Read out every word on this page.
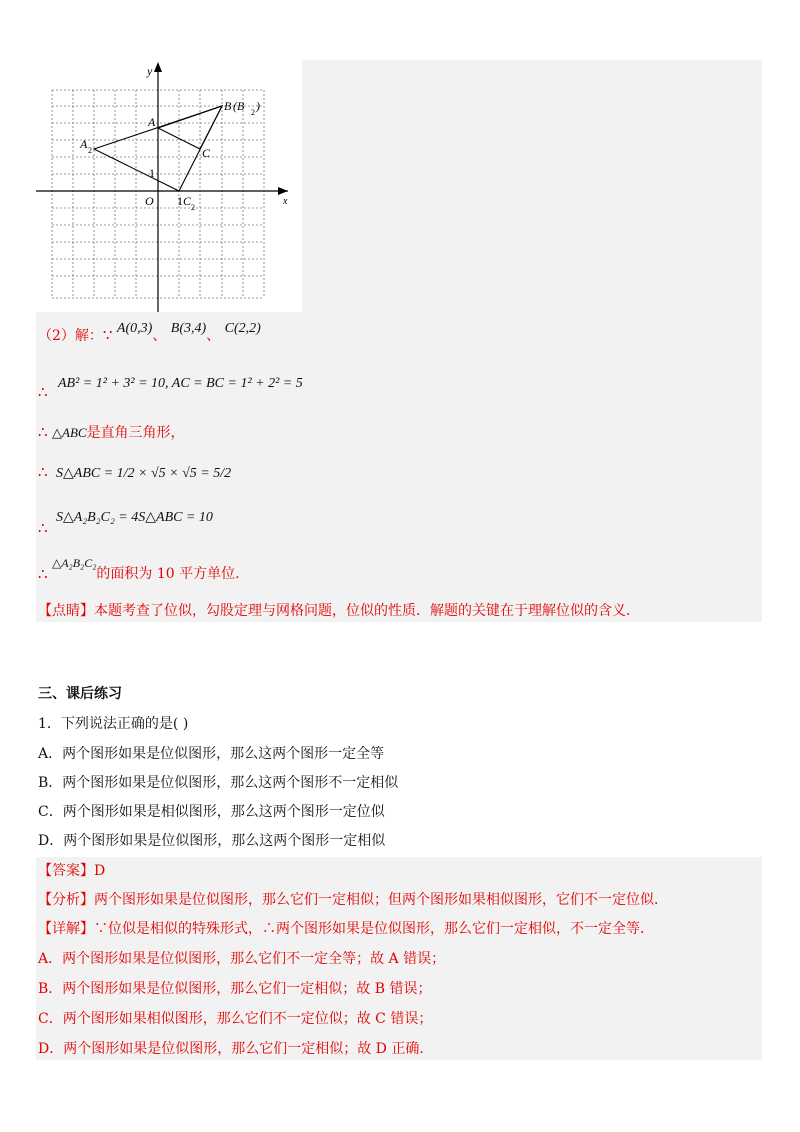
y
x
O 1
1
A
A 2
B (B 2 )
C
C 2
（2）解：∵ A(0,3)、 B(3,4)、 C(2,2)
∴ AB² = 1² + 3² = 10, AC = BC = 1² + 2² = 5
∴ △ABC是直角三角形，
∴ S△ABC = 1/2 × √5 × √5 = 5/2
∴ S△A₂B₂C₂ = 4S△ABC = 10
∴ △A₂B₂C₂的面积为 10 平方单位.
【点睛】本题考查了位似，勾股定理与网格问题，位似的性质．解题的关键在于理解位似的含义．
三、课后练习
1．下列说法正确的是( )
A．两个图形如果是位似图形，那么这两个图形一定全等
B．两个图形如果是位似图形，那么这两个图形不一定相似
C．两个图形如果是相似图形，那么这两个图形一定位似
D．两个图形如果是位似图形，那么这两个图形一定相似
【答案】D
【分析】两个图形如果是位似图形，那么它们一定相似；但两个图形如果相似图形，它们不一定位似．
【详解】∵位似是相似的特殊形式，∴两个图形如果是位似图形，那么它们一定相似，不一定全等．
A．两个图形如果是位似图形，那么它们不一定全等；故 A 错误；
B．两个图形如果是位似图形，那么它们一定相似；故 B 错误；
C．两个图形如果相似图形，那么它们不一定位似；故 C 错误；
D．两个图形如果是位似图形，那么它们一定相似；故 D 正确．
